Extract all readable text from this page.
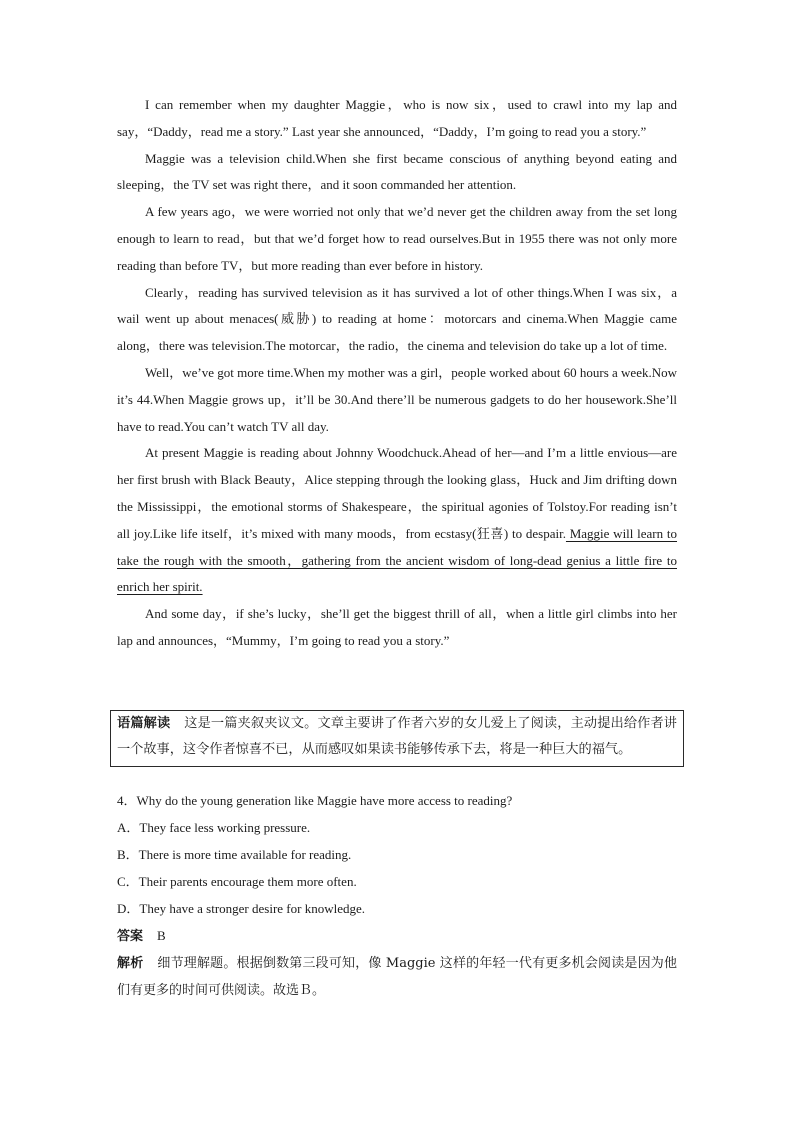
I can remember when my daughter Maggie，who is now six，used to crawl into my lap and say，“Daddy，read me a story.” Last year she announced，“Daddy，I’m going to read you a story.”

Maggie was a television child.When she first became conscious of anything beyond eating and sleeping，the TV set was right there，and it soon commanded her attention.

A few years ago，we were worried not only that we’d never get the children away from the set long enough to learn to read，but that we’d forget how to read ourselves.But in 1955 there was not only more reading than before TV，but more reading than ever before in history.

Clearly，reading has survived television as it has survived a lot of other things.When I was six，a wail went up about menaces(威胁) to reading at home：motorcars and cinema.When Maggie came along，there was television.The motorcar，the radio，the cinema and television do take up a lot of time.

Well，we’ve got more time.When my mother was a girl，people worked about 60 hours a week.Now it’s 44.When Maggie grows up，it’ll be 30.And there’ll be numerous gadgets to do her housework.She’ll have to read.You can’t watch TV all day.

At present Maggie is reading about Johnny Woodchuck.Ahead of her—and I’m a little envious—are her first brush with Black Beauty，Alice stepping through the looking glass，Huck and Jim drifting down the Mississippi，the emotional storms of Shakespeare，the spiritual agonies of Tolstoy.For reading isn’t all joy.Like life itself，it’s mixed with many moods，from ecstasy(狂喜) to despair. Maggie will learn to take the rough with the smooth，gathering from the ancient wisdom of long-dead genius a little fire to enrich her spirit.

And some day，if she’s lucky，she’ll get the biggest thrill of all，when a little girl climbs into her lap and announces，“Mummy，I’m going to read you a story.”

语篇解读 这是一篇夹叙夹议文。文章主要讲了作者六岁的女儿爱上了阅读，主动提出给作者讲一个故事，这令作者惊喜不已，从而感叹如果读书能够传承下去，将是一种巨大的福气。

4．Why do the young generation like Maggie have more access to reading?

A．They face less working pressure.

B．There is more time available for reading.

C．Their parents encourage them more often.

D．They have a stronger desire for knowledge.

答案 B

解析 细节理解题。根据倒数第三段可知，像 Maggie 这样的年轻一代有更多机会阅读是因为他们有更多的时间可供阅读。故选Ｂ。
